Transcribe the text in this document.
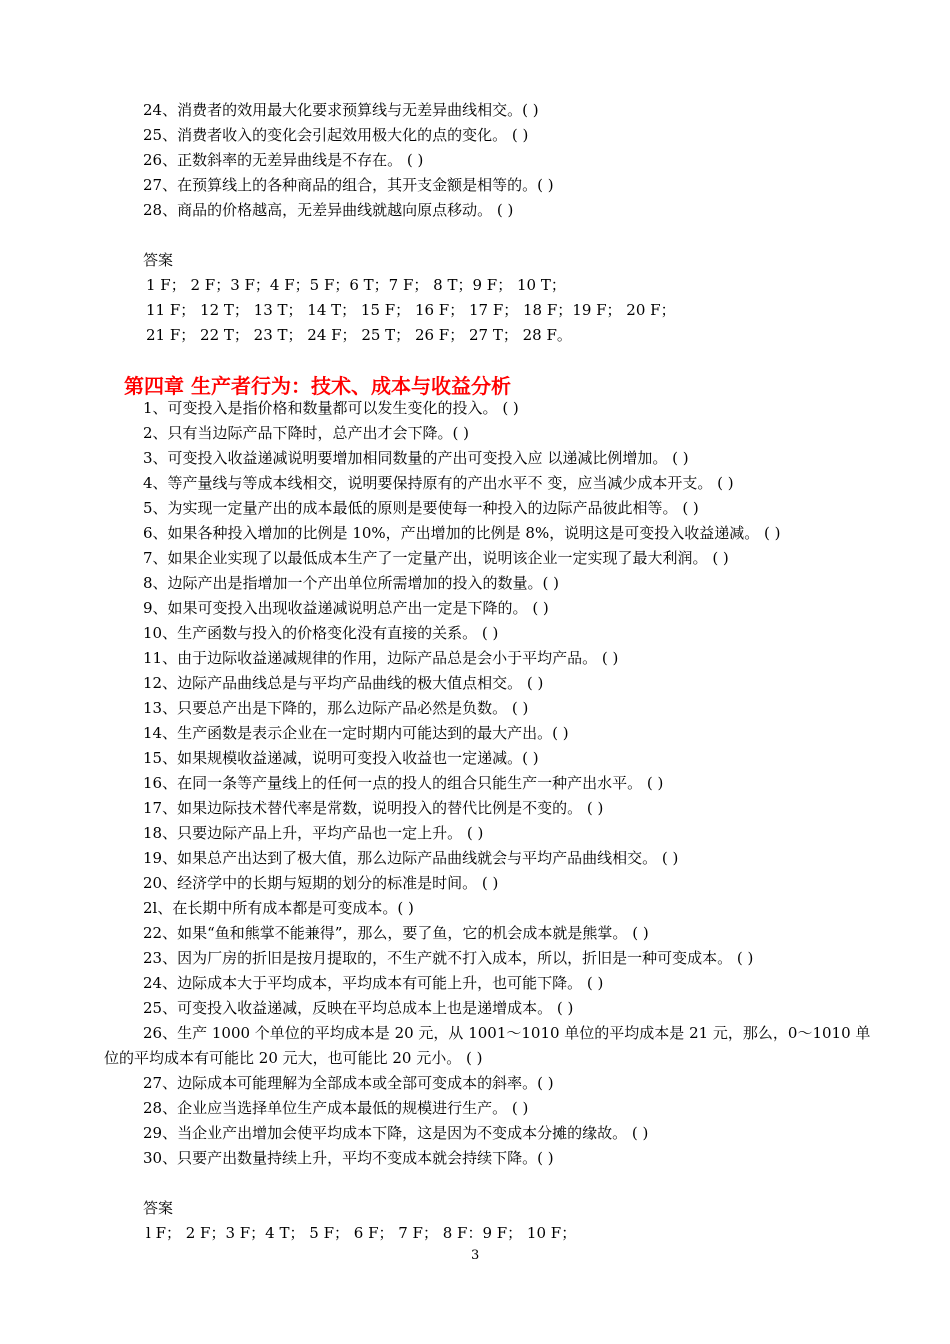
24、消费者的效用最大化要求预算线与无差异曲线相交。( )
25、消费者收入的变化会引起效用极大化的点的变化。 ( )
26、正数斜率的无差异曲线是不存在。 ( )
27、在预算线上的各种商品的组合，其开支金额是相等的。( )
28、商品的价格越高，无差异曲线就越向原点移动。 ( )
答案
1 F； 2 F；3 F；4 F；5 F；6 T；7 F； 8 T；9 F； 10 T；
11 F； 12 T； 13 T； 14 T； 15 F； 16 F； 17 F； 18 F；19 F； 20 F；
21 F； 22 T； 23 T； 24 F； 25 T； 26 F； 27 T； 28 F。
第四章 生产者行为：技术、成本与收益分析
1、可变投入是指价格和数量都可以发生变化的投入。 ( )
2、只有当边际产品下降时，总产出才会下降。( )
3、可变投入收益递减说明要增加相同数量的产出可变投入应 以递减比例增加。 ( )
4、等产量线与等成本线相交，说明要保持原有的产出水平不 变，应当减少成本开支。 ( )
5、为实现一定量产出的成本最低的原则是要使每一种投入的边际产品彼此相等。 ( )
6、如果各种投入增加的比例是 10%，产出增加的比例是 8%，说明这是可变投入收益递减。 ( )
7、如果企业实现了以最低成本生产了一定量产出，说明该企业一定实现了最大利润。 ( )
8、边际产出是指增加一个产出单位所需增加的投入的数量。( )
9、如果可变投入出现收益递减说明总产出一定是下降的。 ( )
10、生产函数与投入的价格变化没有直接的关系。 ( )
11、由于边际收益递减规律的作用，边际产品总是会小于平均产品。 ( )
12、边际产品曲线总是与平均产品曲线的极大值点相交。 ( )
13、只要总产出是下降的，那么边际产品必然是负数。 ( )
14、生产函数是表示企业在一定时期内可能达到的最大产出。( )
15、如果规模收益递减，说明可变投入收益也一定递减。( )
16、在同一条等产量线上的任何一点的投人的组合只能生产一种产出水平。 ( )
17、如果边际技术替代率是常数，说明投入的替代比例是不变的。 ( )
18、只要边际产品上升，平均产品也一定上升。 ( )
19、如果总产出达到了极大值，那么边际产品曲线就会与平均产品曲线相交。 ( )
20、经济学中的长期与短期的划分的标准是时间。 ( )
2l、在长期中所有成本都是可变成本。( )
22、如果“鱼和熊掌不能兼得”，那么，要了鱼，它的机会成本就是熊掌。 ( )
23、因为厂房的折旧是按月提取的，不生产就不打入成本，所以，折旧是一种可变成本。 ( )
24、边际成本大于平均成本，平均成本有可能上升，也可能下降。 ( )
25、可变投入收益递减，反映在平均总成本上也是递增成本。 ( )
26、生产 1000 个单位的平均成本是 20 元，从 1001～1010 单位的平均成本是 21 元，那么，0～1010 单
位的平均成本有可能比 20 元大，也可能比 20 元小。 ( )
27、边际成本可能理解为全部成本或全部可变成本的斜率。( )
28、企业应当选择单位生产成本最低的规模进行生产。 ( )
29、当企业产出增加会使平均成本下降，这是因为不变成本分摊的缘故。 ( )
30、只要产出数量持续上升，平均不变成本就会持续下降。( )
答案
l F； 2 F；3 F；4 T； 5 F； 6 F； 7 F； 8 F：9 F； 10 F；
3
